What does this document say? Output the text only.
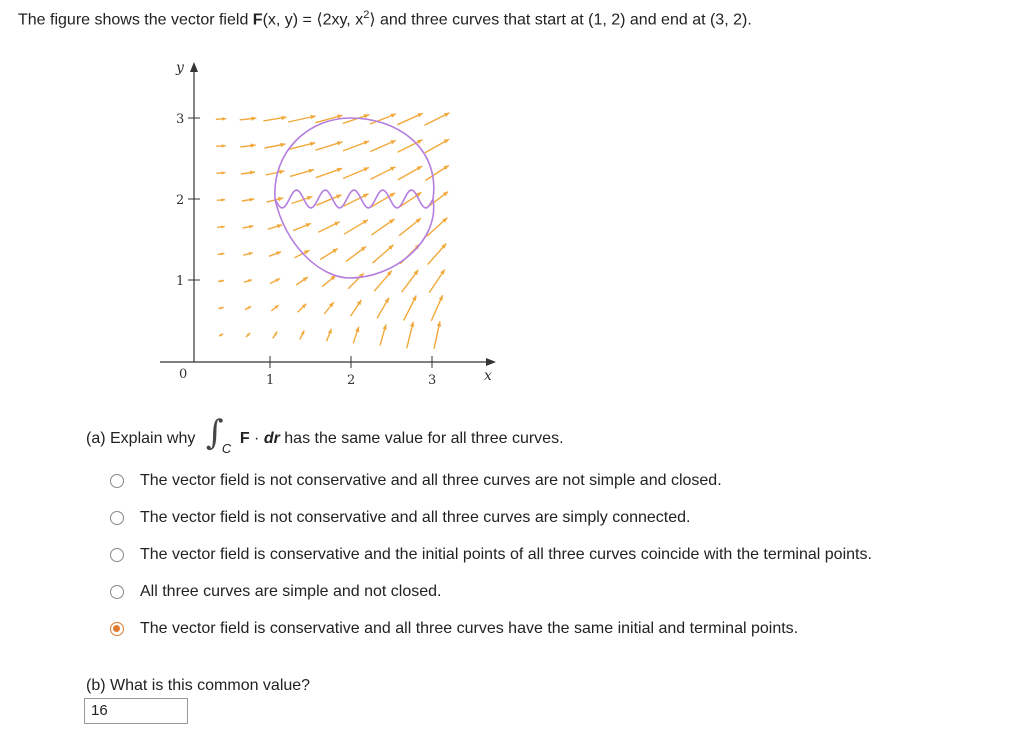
The figure shows the vector field F(x, y) = ⟨2xy, $x^2⟩$ and three curves that start at (1, 2) and end at (3, 2).
y
x
0	1	2	3
1
2
3
(a) Explain why ∫
C
F · dr has the same value for all three curves.
The vector field is not conservative and all three curves are not simple and closed.
The vector field is not conservative and all three curves are simply connected.
The vector field is conservative and the initial points of all three curves coincide with the terminal points.
All three curves are simple and not closed.
The vector field is conservative and all three curves have the same initial and terminal points.
(b) What is this common value?
16
